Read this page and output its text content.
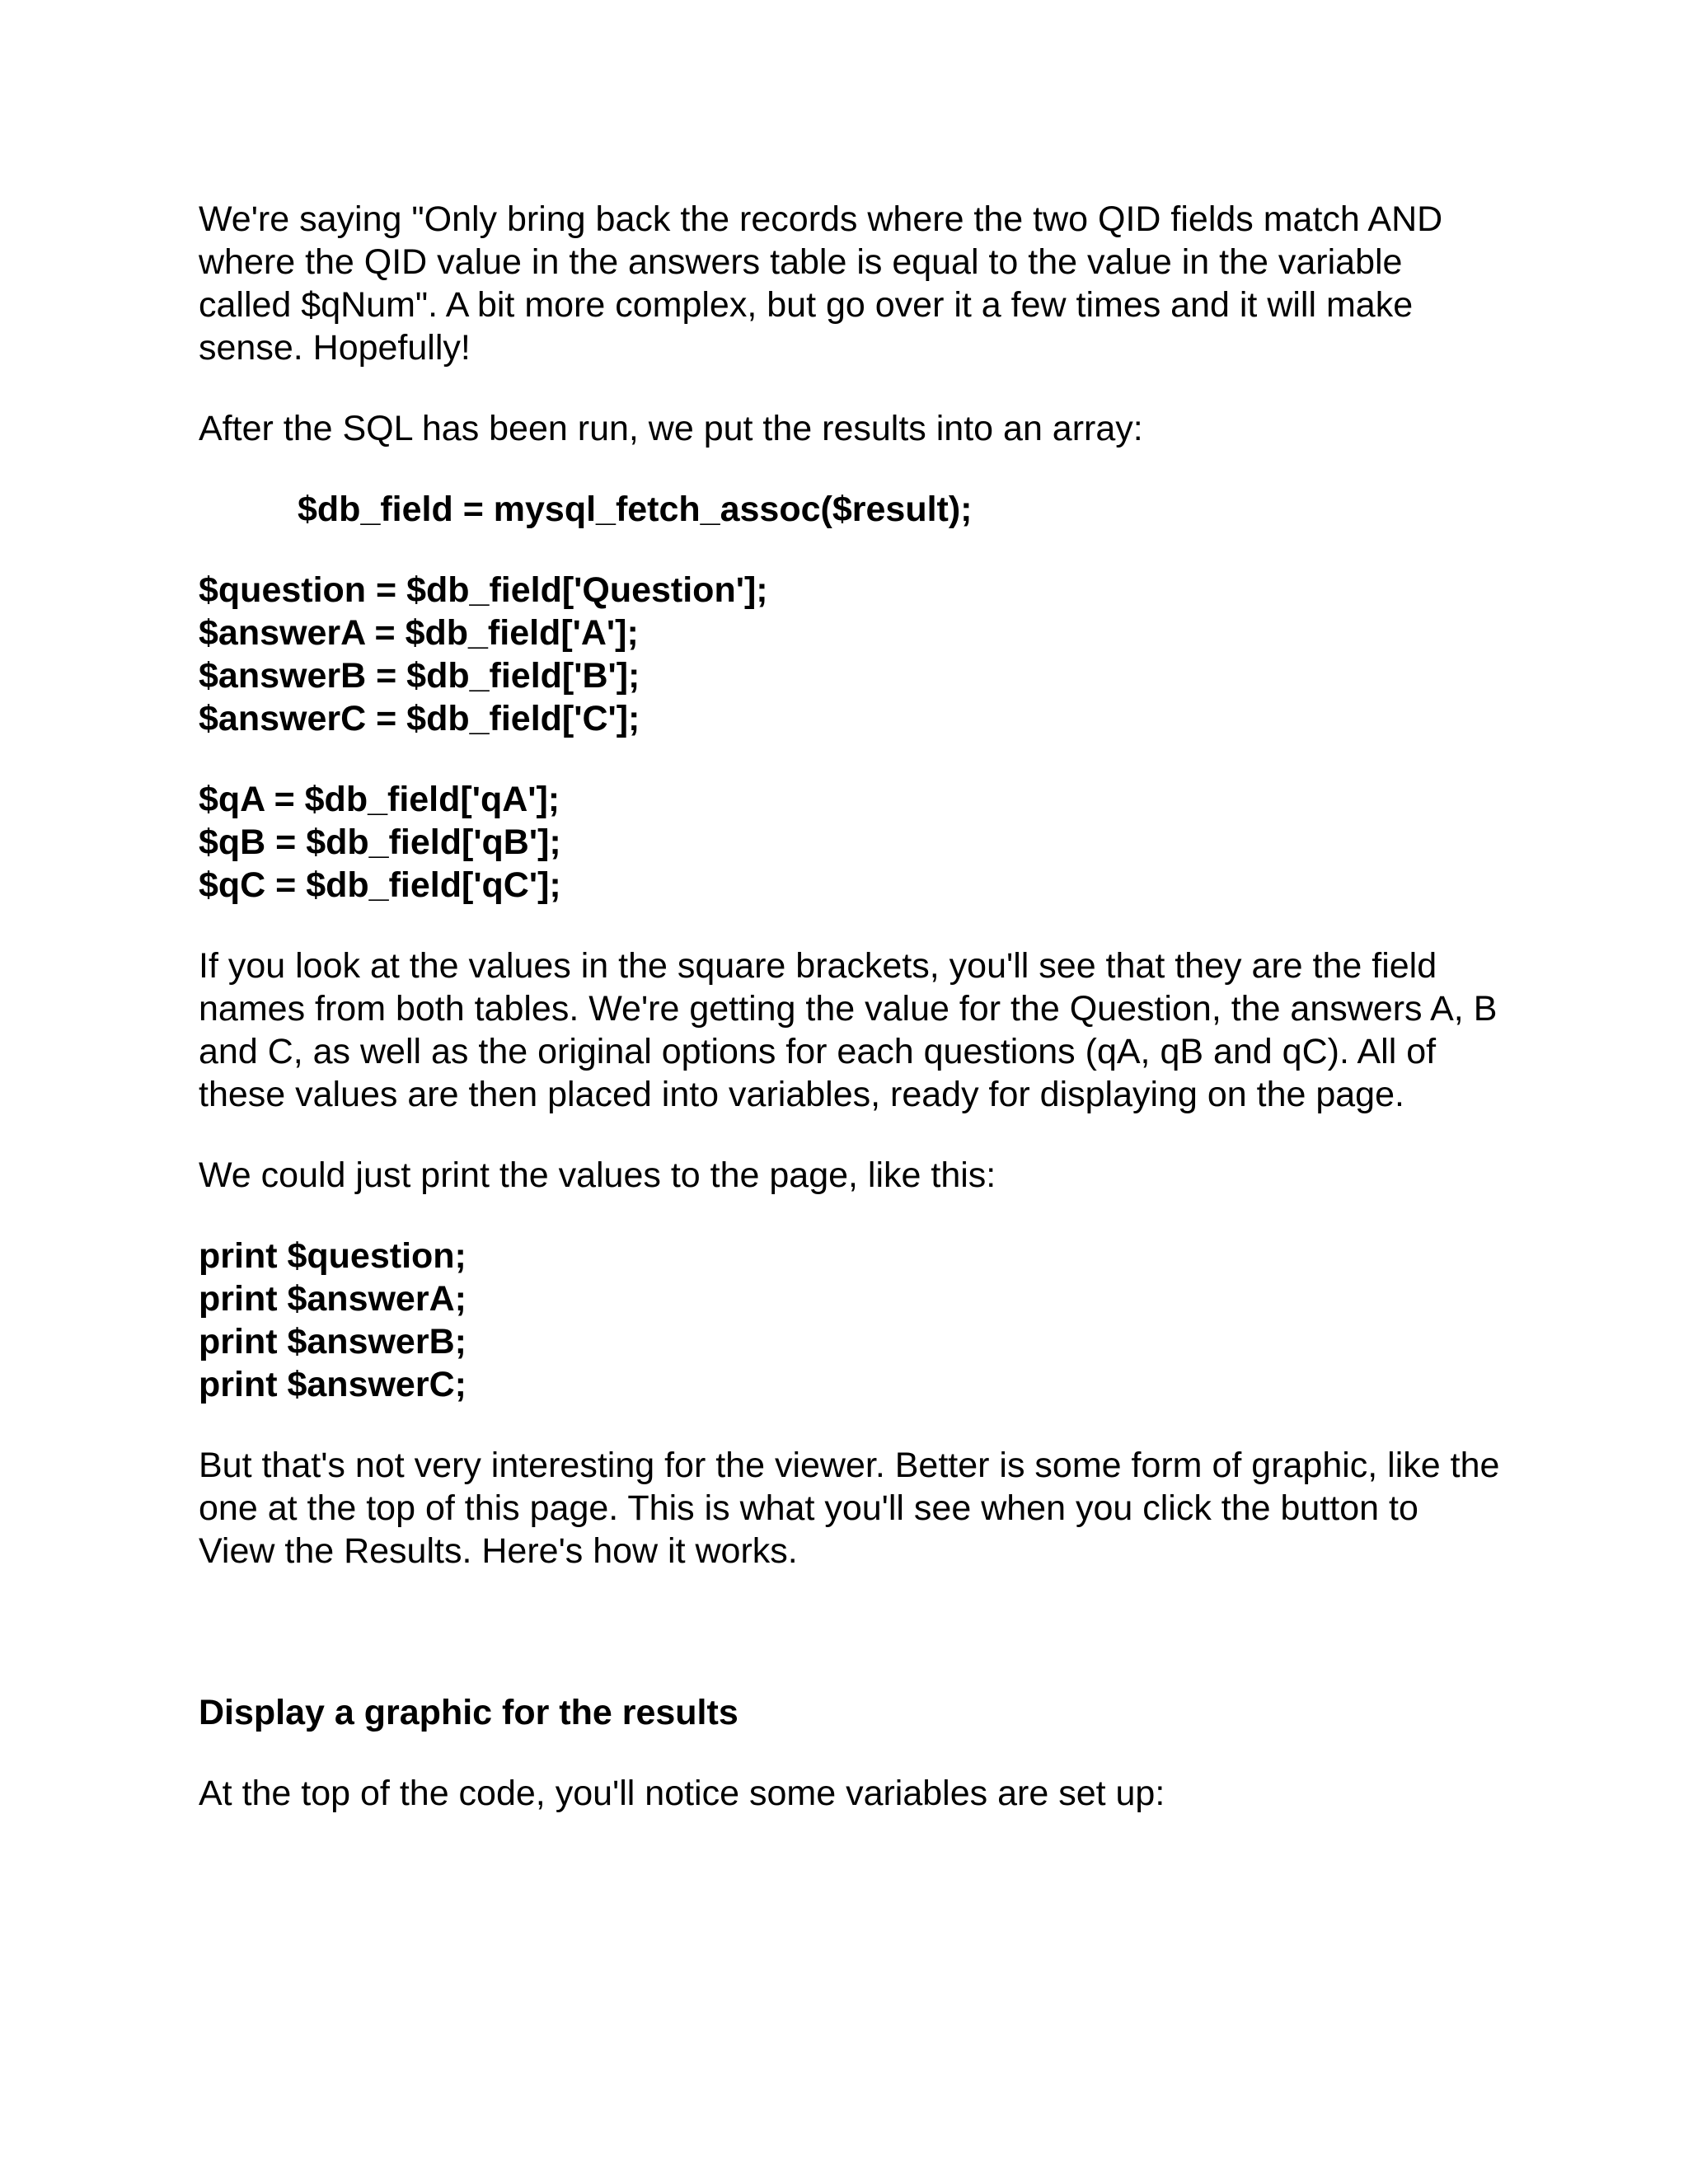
We're saying "Only bring back the records where the two QID fields match AND where the QID value in the answers table is equal to the value in the variable called $qNum". A bit more complex, but go over it a few times and it will make sense. Hopefully!

After the SQL has been run, we put the results into an array:

$db_field = mysql_fetch_assoc($result);
$question = $db_field['Question'];
$answerA = $db_field['A'];
$answerB = $db_field['B'];
$answerC = $db_field['C'];
$qA = $db_field['qA'];
$qB = $db_field['qB'];
$qC = $db_field['qC'];

If you look at the values in the square brackets, you'll see that they are the field names from both tables. We're getting the value for the Question, the answers A, B and C, as well as the original options for each questions (qA, qB and qC). All of these values are then placed into variables, ready for displaying on the page.

We could just print the values to the page, like this:

print $question;
print $answerA;
print $answerB;
print $answerC;

But that's not very interesting for the viewer. Better is some form of graphic, like the one at the top of this page. This is what you'll see when you click the button to View the Results. Here's how it works.

Display a graphic for the results

At the top of the code, you'll notice some variables are set up:
